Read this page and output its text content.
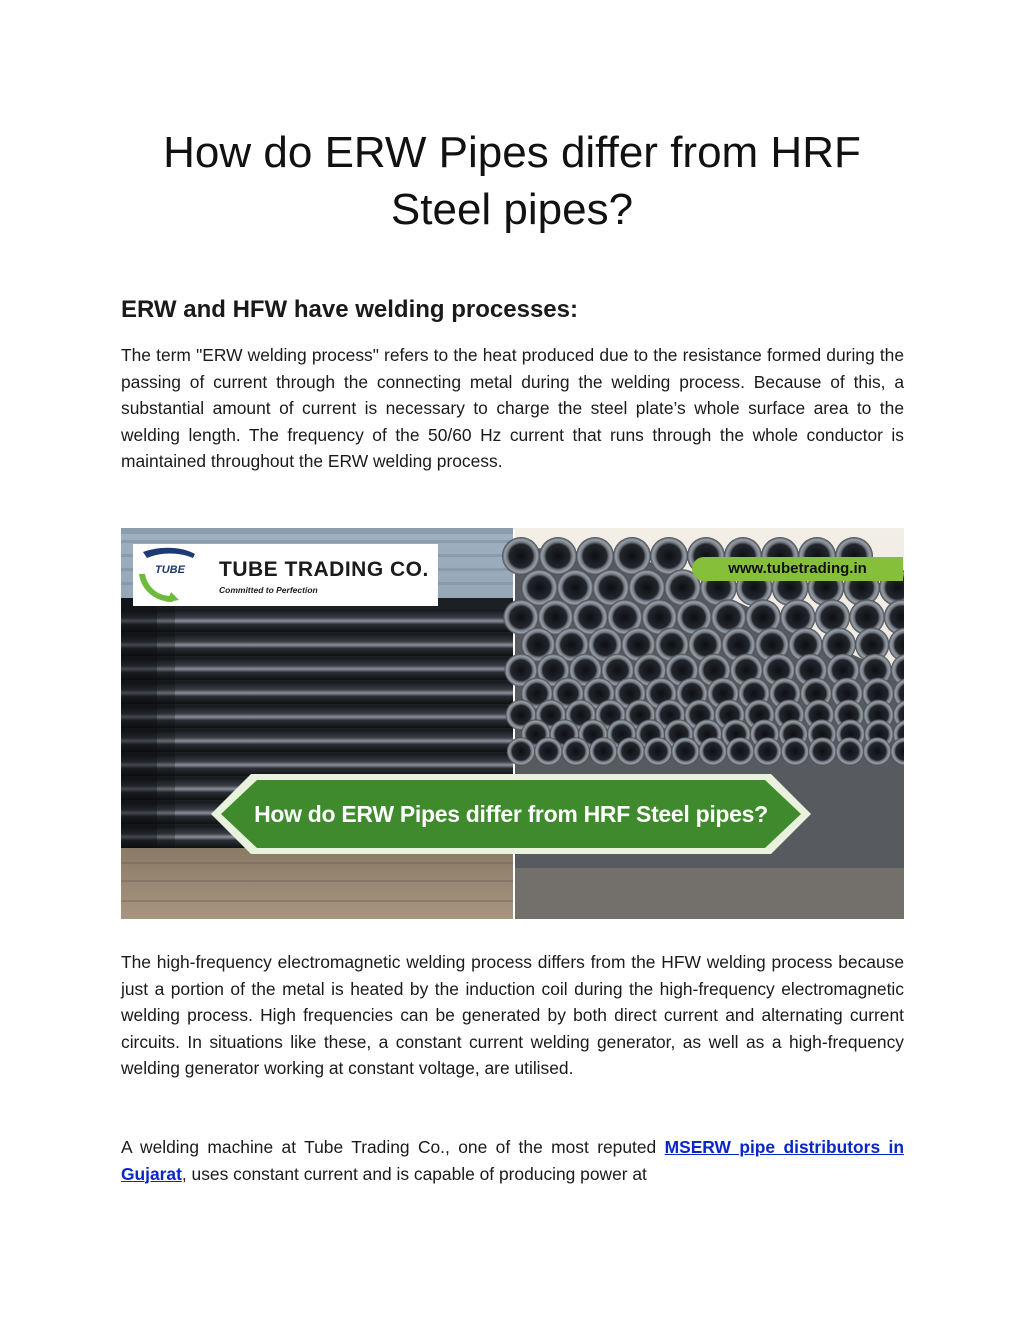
How do ERW Pipes differ from HRF
Steel pipes?
ERW and HFW have welding processes:

The term "ERW welding process" refers to the heat produced due to the resistance formed during the passing of current through the connecting metal during the welding process. Because of this, a substantial amount of current is necessary to charge the steel plate’s whole surface area to the welding length. The frequency of the 50/60 Hz current that runs through the whole conductor is maintained throughout the ERW welding process.

TUBE TUBE TRADING CO.
Committed to Perfection
www.tubetrading.in
How do ERW Pipes differ from HRF Steel pipes?

The high-frequency electromagnetic welding process differs from the HFW welding process because just a portion of the metal is heated by the induction coil during the high-frequency electromagnetic welding process. High frequencies can be generated by both direct current and alternating current circuits. In situations like these, a constant current welding generator, as well as a high-frequency welding generator working at constant voltage, are utilised.

A welding machine at Tube Trading Co., one of the most reputed MSERW pipe distributors in Gujarat, uses constant current and is capable of producing power at
